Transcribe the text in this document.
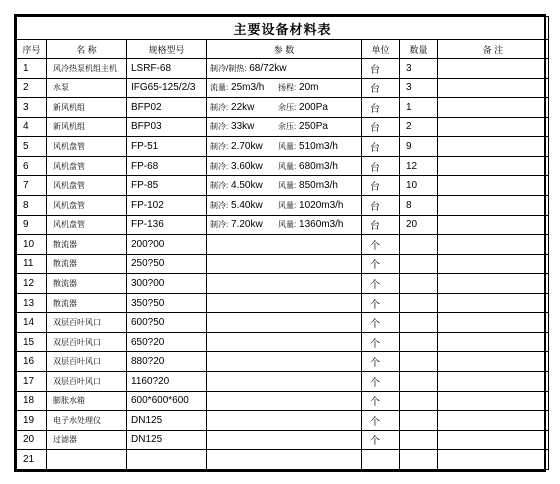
主要设备材料表						
序号	名 称	规格型号	参 数	单位	数量	备 注
1	风冷热泵机组主机	LSRF-68	制冷/制热: 68/72kw	台	3	
2	水泵	IFG65-125/2/3	流量: 25m3/h 扬程: 20m	台	3	
3	新风机组	BFP02	制冷: 22kw 余压: 200Pa	台	1	
4	新风机组	BFP03	制冷: 33kw 余压: 250Pa	台	2	
5	风机盘管	FP-51	制冷: 2.70kw 风量: 510m3/h	台	9	
6	风机盘管	FP-68	制冷: 3.60kw 风量: 680m3/h	台	12	
7	风机盘管	FP-85	制冷: 4.50kw 风量: 850m3/h	台	10	
8	风机盘管	FP-102	制冷: 5.40kw 风量: 1020m3/h	台	8	
9	风机盘管	FP-136	制冷: 7.20kw 风量: 1360m3/h	台	20	
10	散流器	200?00		个		
11	散流器	250?50		个		
12	散流器	300?00		个		
13	散流器	350?50		个		
14	双层百叶风口	600?50		个		
15	双层百叶风口	650?20		个		
16	双层百叶风口	880?20		个		
17	双层百叶风口	1160?20		个		
18	膨胀水箱	600*600*600		个		
19	电子水处理仪	DN125		个		
20	过滤器	DN125		个		
21						
